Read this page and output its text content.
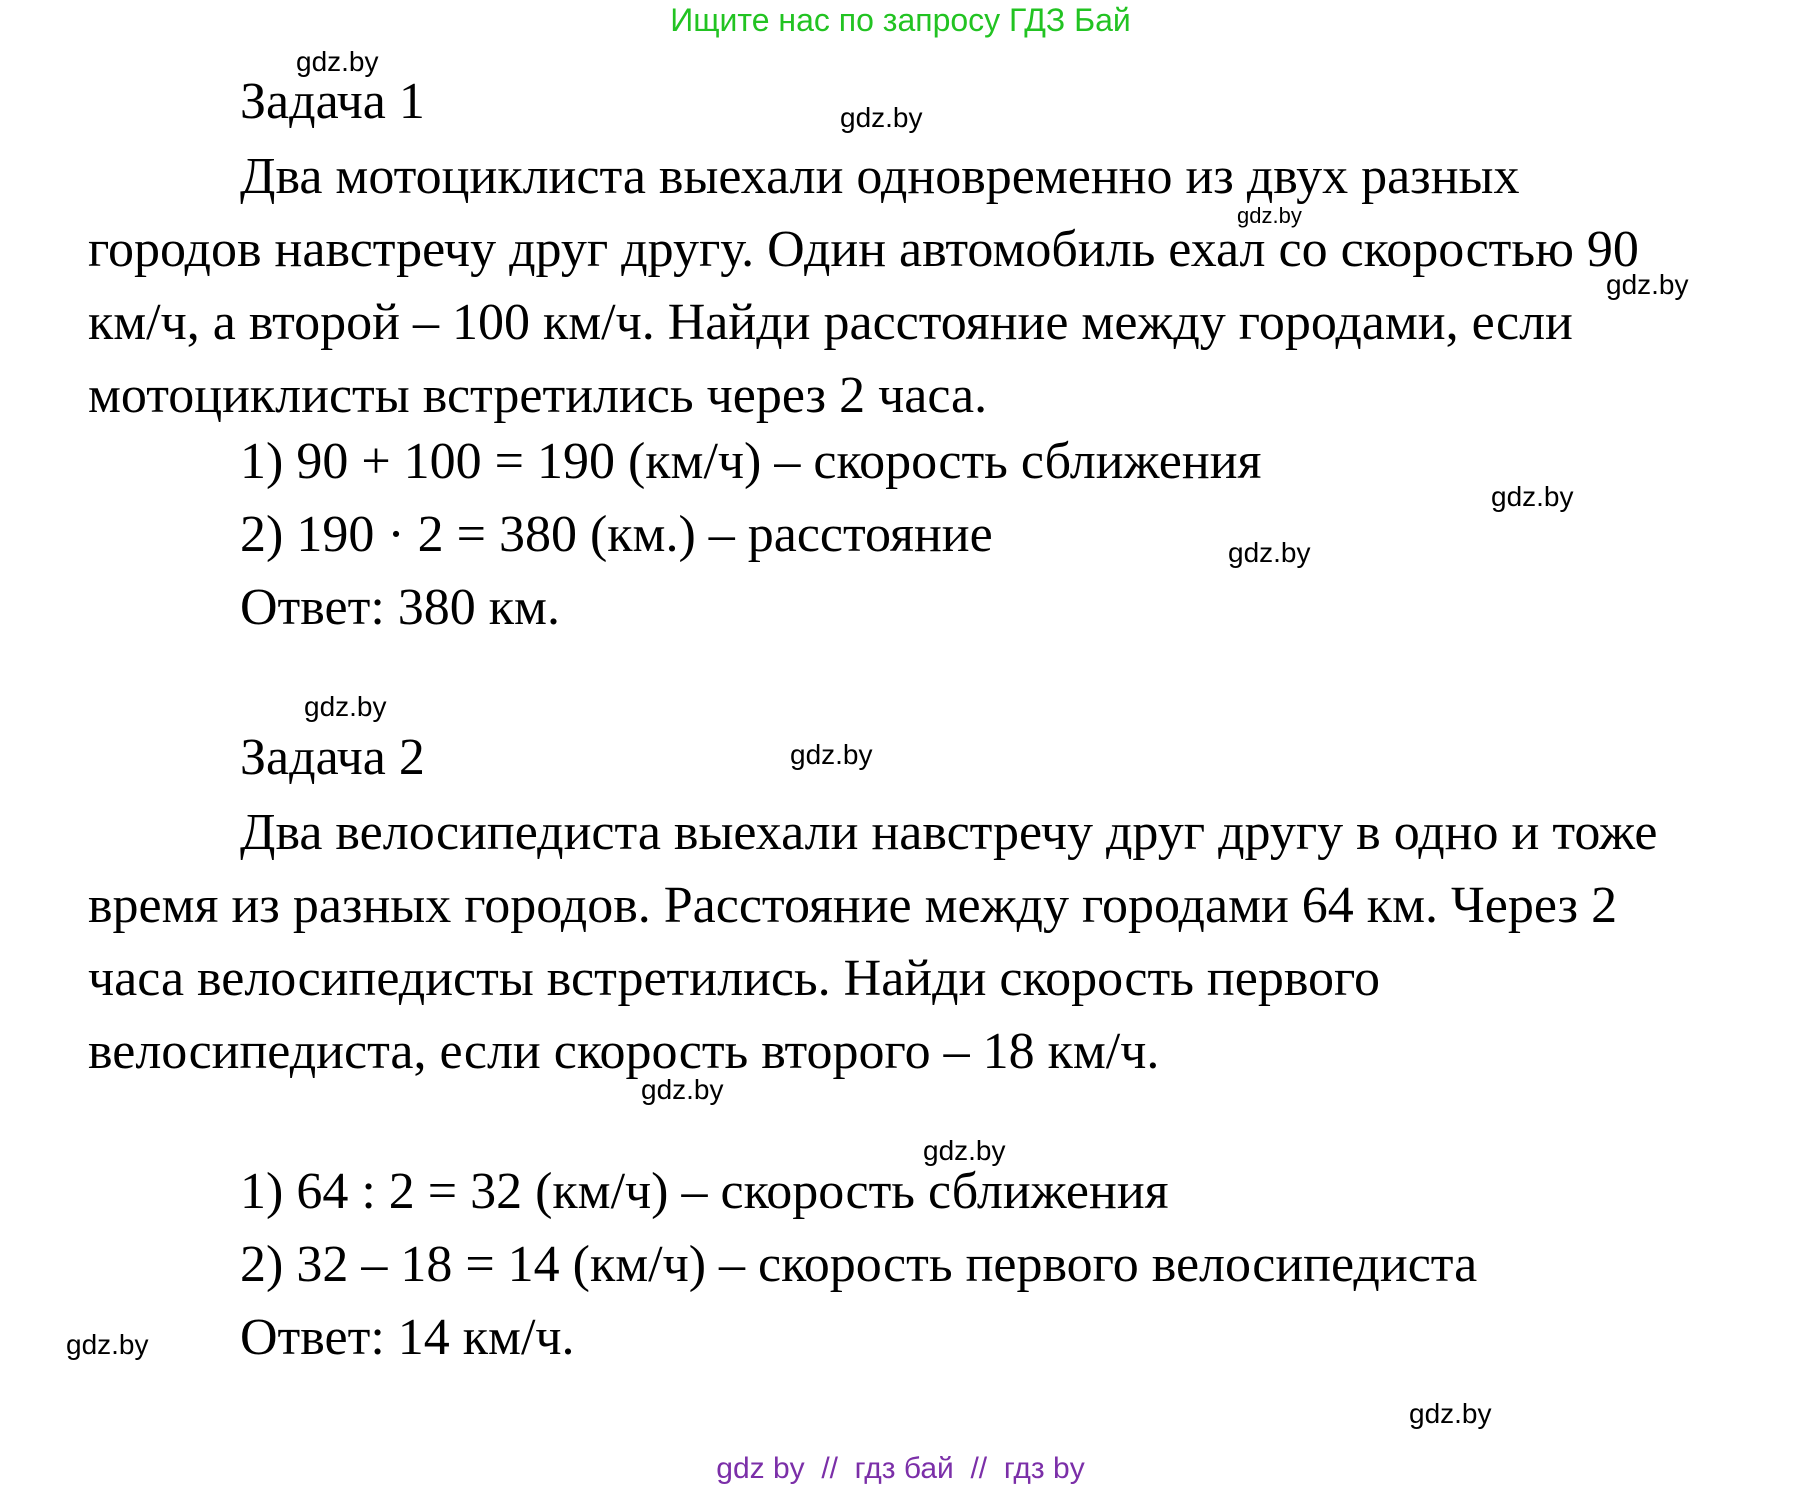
Ищите нас по запросу ГДЗ Бай
Задача 1

Два мотоциклиста выехали одновременно из двух разных городов навстречу друг другу. Один автомобиль ехал со скоростью 90 км/ч, а второй – 100 км/ч. Найди расстояние между городами, если мотоциклисты встретились через 2 часа.

1) 90 + 100 = 190 (км/ч) – скорость сближения
2) 190 · 2 = 380 (км.) – расстояние
Ответ: 380 км.
Задача 2

Два велосипедиста выехали навстречу друг другу в одно и тоже время из разных городов. Расстояние между городами 64 км. Через 2 часа велосипедисты встретились. Найди скорость первого велосипедиста, если скорость второго – 18 км/ч.

1) 64 : 2 = 32 (км/ч) – скорость сближения
2) 32 – 18 = 14 (км/ч) – скорость первого велосипедиста
Ответ: 14 км/ч.
gdz.by
gdz.by
gdz.by
gdz.by
gdz.by
gdz.by
gdz.by
gdz.by
gdz.by
gdz.by
gdz.by
gdz.by
gdz by  //  гдз бай  //  гдз by
